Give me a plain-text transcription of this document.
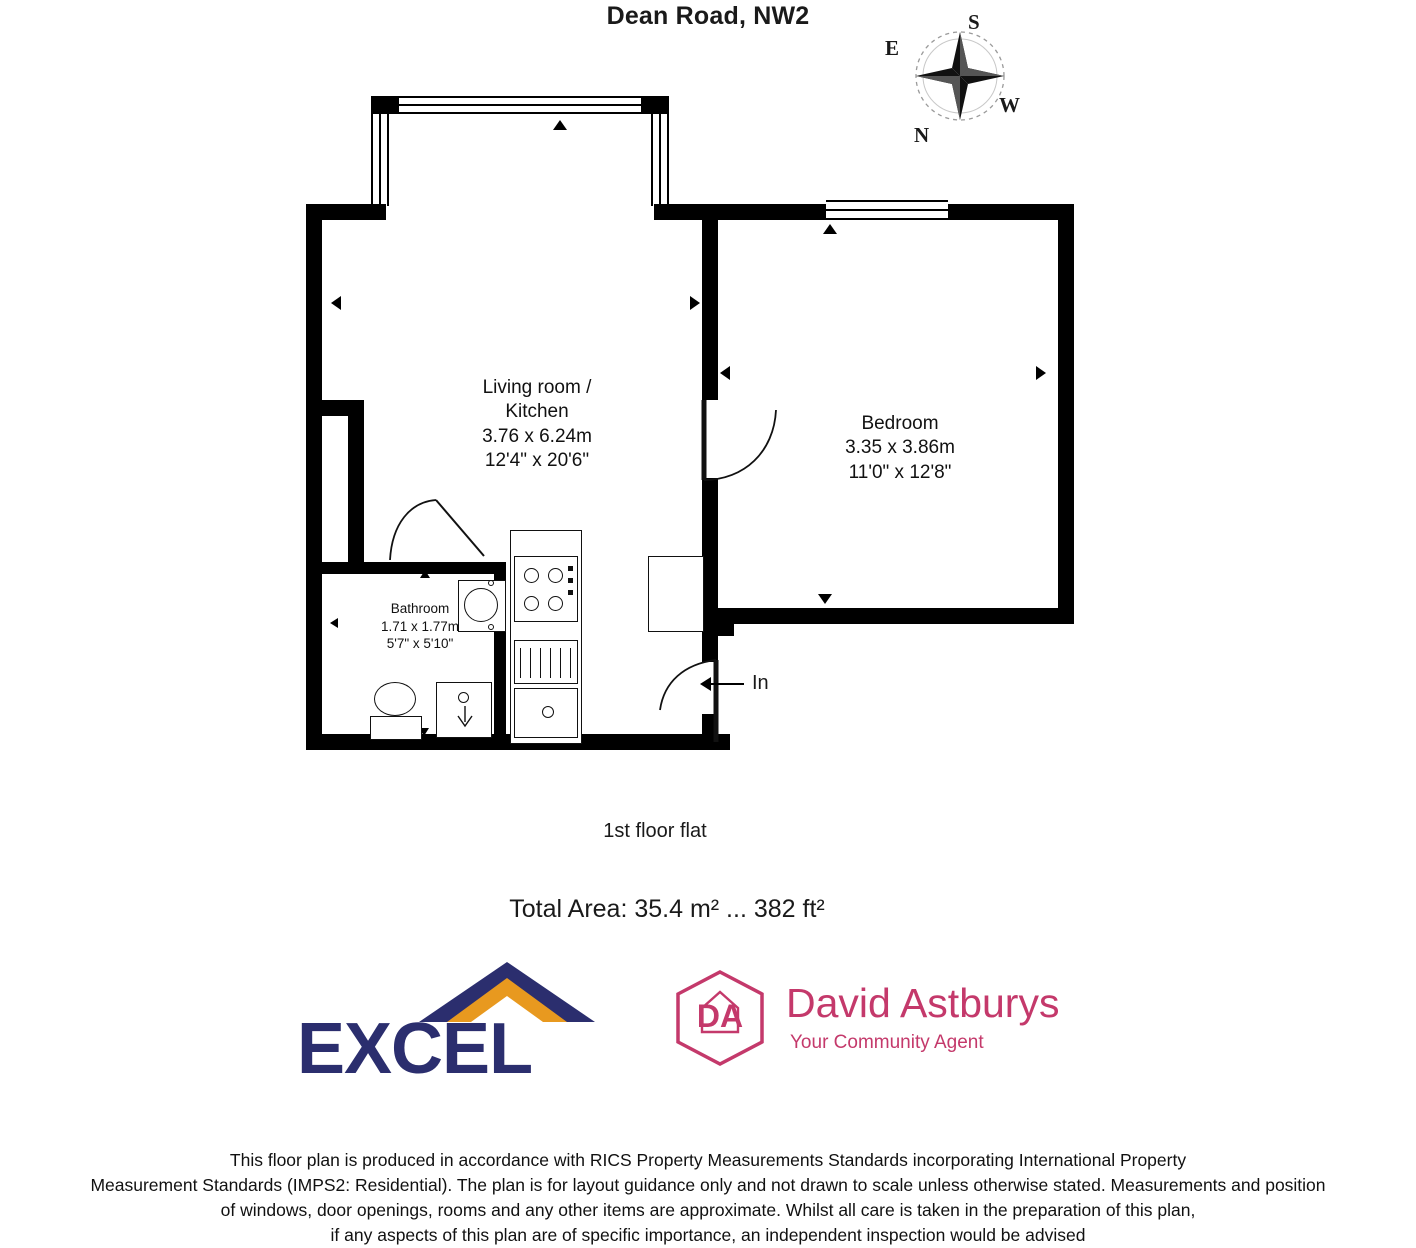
Dean Road, NW2
N
S
E
W
Living room /
Kitchen
3.76 x 6.24m
12'4" x 20'6"
Bedroom
3.35 x 3.86m
11'0" x 12'8"
Bathroom
1.71 x 1.77m
5'7" x 5'10"
In
1st floor flat
Total Area: 35.4 m² ... 382 ft²
EXCEL	DA	David Astburys
Your Community Agent
This floor plan is produced in accordance with RICS Property Measurements Standards incorporating International Property
Measurement Standards (IMPS2: Residential). The plan is for layout guidance only and not drawn to scale unless otherwise stated. Measurements and position
of windows, door openings, rooms and any other items are approximate. Whilst all care is taken in the preparation of this plan,
if any aspects of this plan are of specific importance, an independent inspection would be advised
